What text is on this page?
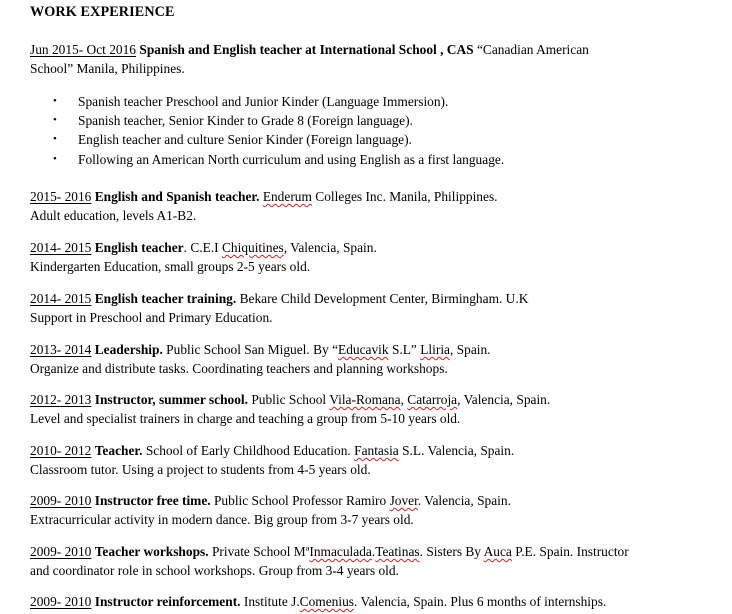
WORK EXPERIENCE
Jun 2015- Oct 2016 Spanish and English teacher at International School , CAS “Canadian American
School” Manila, Philippines.
• Spanish teacher Preschool and Junior Kinder (Language Immersion).
• Spanish teacher, Senior Kinder to Grade 8 (Foreign language).
• English teacher and culture Senior Kinder (Foreign language).
• Following an American North curriculum and using English as a first language.
2015- 2016 English and Spanish teacher. Enderum Colleges Inc. Manila, Philippines.
Adult education, levels A1-B2.
2014- 2015 English teacher. C.E.I Chiquitines, Valencia, Spain.
Kindergarten Education, small groups 2-5 years old.
2014- 2015 English teacher training. Bekare Child Development Center, Birmingham. U.K
Support in Preschool and Primary Education.
2013- 2014 Leadership. Public School San Miguel. By “Educavik S.L” Lliria, Spain.
Organize and distribute tasks. Coordinating teachers and planning workshops.
2012- 2013 Instructor, summer school. Public School Vila-Romana, Catarroja, Valencia, Spain.
Level and specialist trainers in charge and teaching a group from 5-10 years old.
2010- 2012 Teacher. School of Early Childhood Education. Fantasia S.L. Valencia, Spain.
Classroom tutor. Using a project to students from 4-5 years old.
2009- 2010 Instructor free time. Public School Professor Ramiro Jover. Valencia, Spain.
Extracurricular activity in modern dance. Big group from 3-7 years old.
2009- 2010 Teacher workshops. Private School MªInmaculada.Teatinas. Sisters By Auca P.E. Spain. Instructor
and coordinator role in school workshops. Group from 3-4 years old.
2009- 2010 Instructor reinforcement. Institute J.Comenius. Valencia, Spain. Plus 6 months of internships.
